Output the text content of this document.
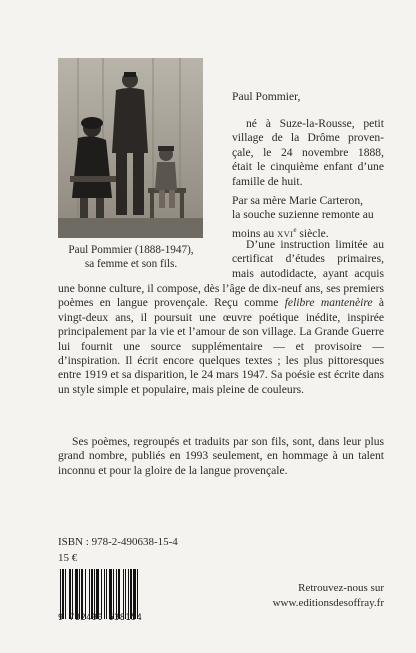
Paul Pommier (1888-1947),
sa femme et son fils.
Paul Pommier,
né à Suze-la-Rousse, petit
village de la Drôme proven-
çale, le 24 novembre 1888,
était le cinquième enfant d’une
famille de huit.
Par sa mère Marie Carteron,
la souche suzienne remonte au
moins au XVIe siècle.
D’une instruction limitée au
certificat d’études primaires,
mais autodidacte, ayant acquis
une bonne culture, il compose, dès l’âge de dix-neuf ans, ses premiers poèmes en langue provençale. Reçu comme felibre mantenèire à vingt-deux ans, il poursuit une œuvre poétique inédite, inspirée principalement par la vie et l’amour de son village. La Grande Guerre lui fournit une source supplémentaire — et provisoire — d’inspiration. Il écrit encore quelques textes ; les plus pittoresques entre 1919 et sa disparition, le 24 mars 1947. Sa poésie est écrite dans un style simple et populaire, mais pleine de couleurs.
Ses poèmes, regroupés et traduits par son fils, sont, dans leur plus grand nombre, publiés en 1993 seulement, en hommage à un talent inconnu et pour la gloire de la langue provençale.
ISBN : 978-2-490638-15-4
15 €
9 782490 638154
Retrouvez-nous sur
www.editionsdesoffray.fr
